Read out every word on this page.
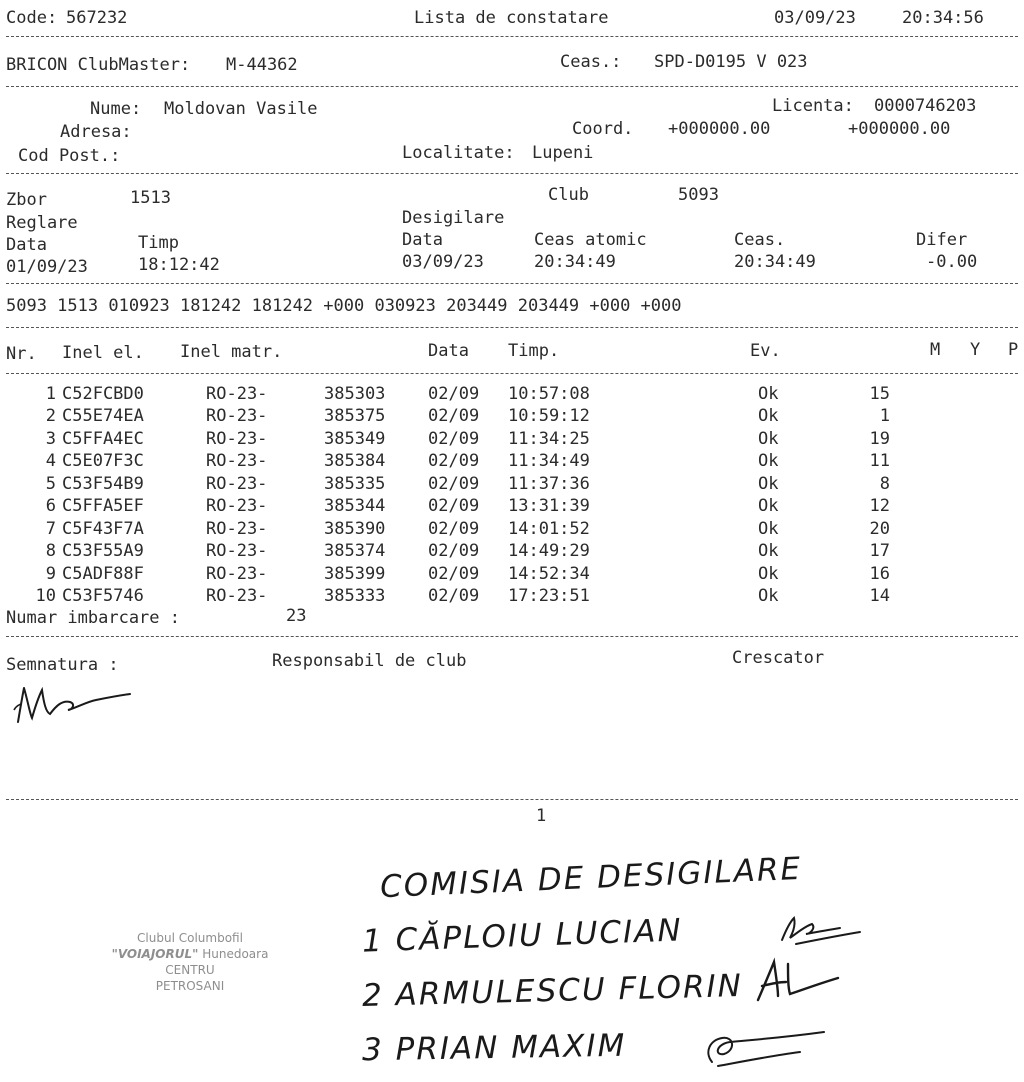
Code: 567232	Lista de constatare	03/09/23	20:34:56
BRICON ClubMaster: M-44362	Ceas.: SPD-D0195 V 023
Nume: Moldovan Vasile	Licenta: 0000746203
Adresa:	Coord. +000000.00	+000000.00
Cod Post.:	Localitate: Lupeni
Zbor	1513	Club	5093
Reglare	Desigilare
Data	Timp	Data	Ceas atomic	Ceas.	Difer
01/09/23	18:12:42	03/09/23	20:34:49	20:34:49	-0.00
5093 1513 010923 181242 181242 +000 030923 203449 203449 +000 +000
Nr. Inel el. Inel matr.	Data Timp.	Ev.	M Y P
1 C52FCBD0	RO-23-	385303	02/09 10:57:08	Ok	15
2 C55E74EA	RO-23-	385375	02/09 10:59:12	Ok	1
3 C5FFA4EC	RO-23-	385349	02/09 11:34:25	Ok	19
4 C5E07F3C	RO-23-	385384	02/09 11:34:49	Ok	11
5 C53F54B9	RO-23-	385335	02/09 11:37:36	Ok	8
6 C5FFA5EF	RO-23-	385344	02/09 13:31:39	Ok	12
7 C5F43F7A	RO-23-	385390	02/09 14:01:52	Ok	20
8 C53F55A9	RO-23-	385374	02/09 14:49:29	Ok	17
9 C5ADF88F	RO-23-	385399	02/09 14:52:34	Ok	16
10 C53F5746	RO-23-	385333	02/09 17:23:51	Ok	14
Numar imbarcare :	23
Semnatura :	Responsabil de club	Crescator
1
COMISIA DE DESIGILARE
1 CĂPLOIU LUCIAN
2 ARMULESCU FLORIN
3 PRIAN MAXIM
Clubul Columbofil
"VOIAJORUL" Hunedoara
CENTRU
PETROSANI
